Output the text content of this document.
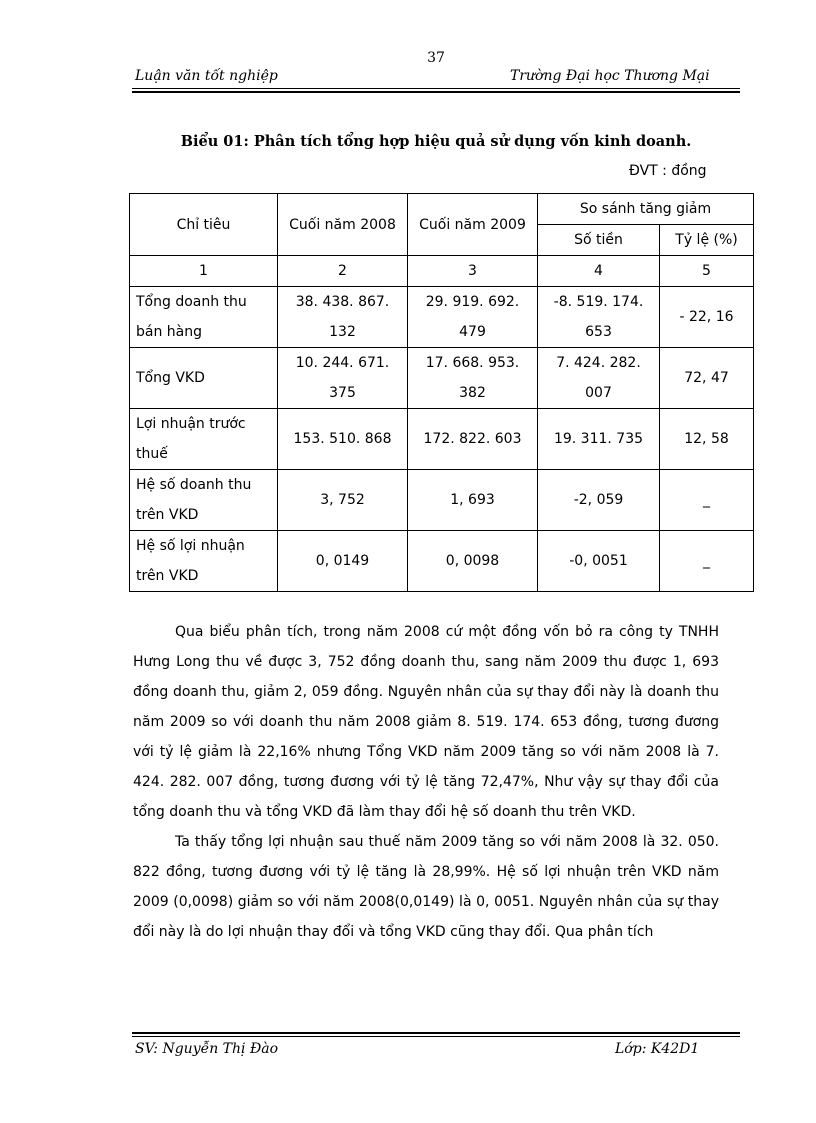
37
Luận văn tốt nghiệp	Trường Đại học Thương Mại
Biểu 01: Phân tích tổng hợp hiệu quả sử dụng vốn kinh doanh.
ĐVT : đồng
Chỉ tiêu	Cuối năm 2008	Cuối năm 2009	So sánh tăng giảm	
			Số tiền	Tỷ lệ (%)
1	2	3	4	5
Tổng doanh thu bán hàng	38. 438. 867. 132	29. 919. 692. 479	-8. 519. 174. 653	- 22, 16
Tổng VKD	10. 244. 671. 375	17. 668. 953. 382	7. 424. 282. 007	72, 47
Lợi nhuận trước thuế	153. 510. 868	172. 822. 603	19. 311. 735	12, 58
Hệ số doanh thu trên VKD	3, 752	1, 693	-2, 059	_
Hệ số lợi nhuận trên VKD	0, 0149	0, 0098	-0, 0051	_

Qua biểu phân tích, trong năm 2008 cứ một đồng vốn bỏ ra công ty TNHH Hưng Long thu về được 3, 752 đồng doanh thu, sang năm 2009 thu được 1, 693 đồng doanh thu, giảm 2, 059 đồng. Nguyên nhân của sự thay đổi này là doanh thu năm 2009 so với doanh thu năm 2008 giảm 8. 519. 174. 653 đồng, tương đương với tỷ lệ giảm là 22,16% nhưng Tổng VKD năm 2009 tăng so với năm 2008 là 7. 424. 282. 007 đồng, tương đương với tỷ lệ tăng 72,47%, Như vậy sự thay đổi của tổng doanh thu và tổng VKD đã làm thay đổi hệ số doanh thu trên VKD.

Ta thấy tổng lợi nhuận sau thuế năm 2009 tăng so với năm 2008 là 32. 050. 822 đồng, tương đương với tỷ lệ tăng là 28,99%. Hệ số lợi nhuận trên VKD năm 2009 (0,0098) giảm so với năm 2008(0,0149) là 0, 0051. Nguyên nhân của sự thay đổi này là do lợi nhuận thay đổi và tổng VKD cũng thay đổi. Qua phân tích

SV: Nguyễn Thị Đào	Lớp: K42D1
